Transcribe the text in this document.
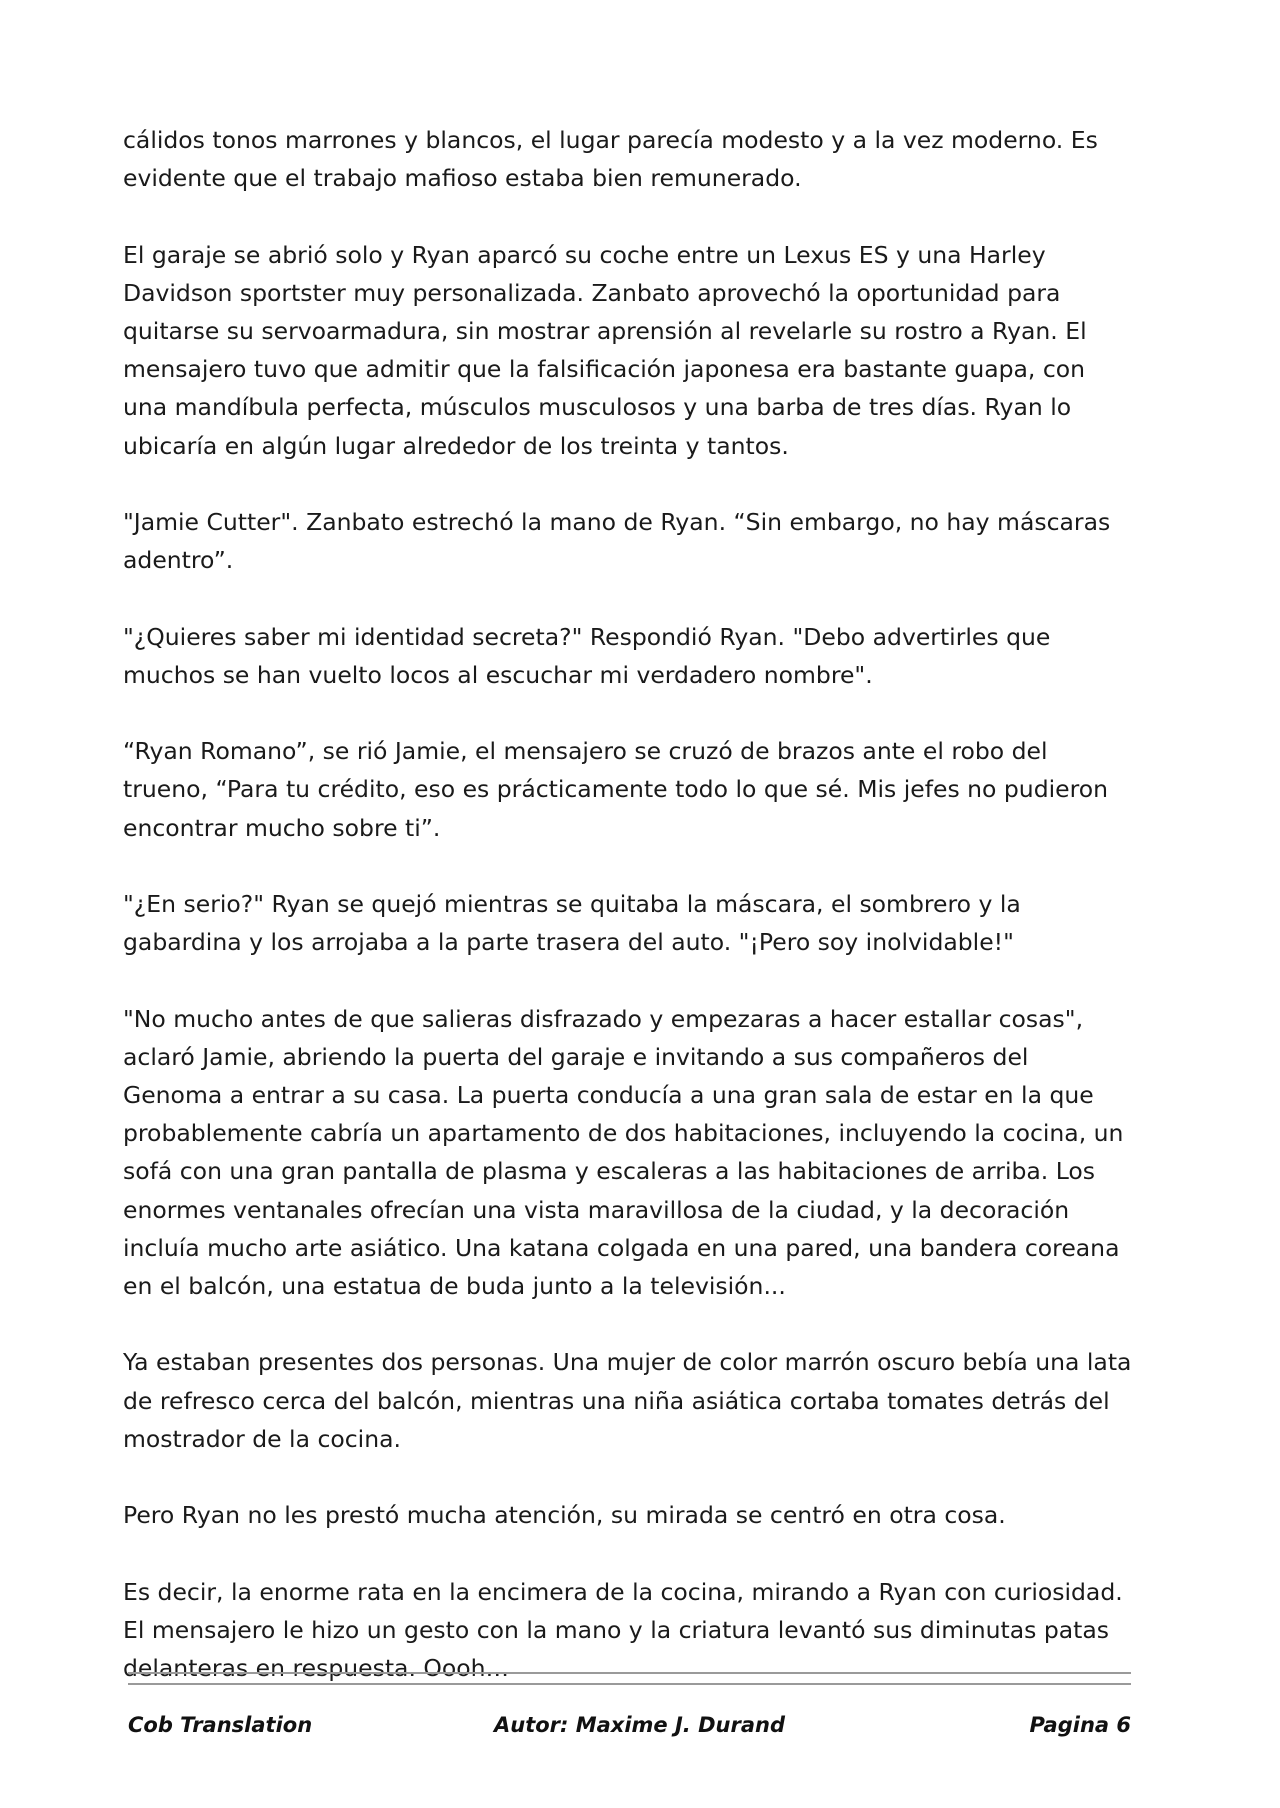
cálidos tonos marrones y blancos, el lugar parecía modesto y a la vez moderno. Es evidente que el trabajo mafioso estaba bien remunerado.

El garaje se abrió solo y Ryan aparcó su coche entre un Lexus ES y una Harley Davidson sportster muy personalizada. Zanbato aprovechó la oportunidad para quitarse su servoarmadura, sin mostrar aprensión al revelarle su rostro a Ryan. El mensajero tuvo que admitir que la falsificación japonesa era bastante guapa, con una mandíbula perfecta, músculos musculosos y una barba de tres días. Ryan lo ubicaría en algún lugar alrededor de los treinta y tantos.

"Jamie Cutter". Zanbato estrechó la mano de Ryan. “Sin embargo, no hay máscaras adentro”.

"¿Quieres saber mi identidad secreta?" Respondió Ryan. "Debo advertirles que muchos se han vuelto locos al escuchar mi verdadero nombre".

“Ryan Romano”, se rió Jamie, el mensajero se cruzó de brazos ante el robo del trueno, “Para tu crédito, eso es prácticamente todo lo que sé. Mis jefes no pudieron encontrar mucho sobre ti”.

"¿En serio?" Ryan se quejó mientras se quitaba la máscara, el sombrero y la gabardina y los arrojaba a la parte trasera del auto. "¡Pero soy inolvidable!"

"No mucho antes de que salieras disfrazado y empezaras a hacer estallar cosas", aclaró Jamie, abriendo la puerta del garaje e invitando a sus compañeros del Genoma a entrar a su casa. La puerta conducía a una gran sala de estar en la que probablemente cabría un apartamento de dos habitaciones, incluyendo la cocina, un sofá con una gran pantalla de plasma y escaleras a las habitaciones de arriba. Los enormes ventanales ofrecían una vista maravillosa de la ciudad, y la decoración incluía mucho arte asiático. Una katana colgada en una pared, una bandera coreana en el balcón, una estatua de buda junto a la televisión...

Ya estaban presentes dos personas. Una mujer de color marrón oscuro bebía una lata de refresco cerca del balcón, mientras una niña asiática cortaba tomates detrás del mostrador de la cocina.

Pero Ryan no les prestó mucha atención, su mirada se centró en otra cosa.

Es decir, la enorme rata en la encimera de la cocina, mirando a Ryan con curiosidad. El mensajero le hizo un gesto con la mano y la criatura levantó sus diminutas patas delanteras en respuesta. Oooh…

Cob Translation	Autor: Maxime J. Durand	Pagina 6
